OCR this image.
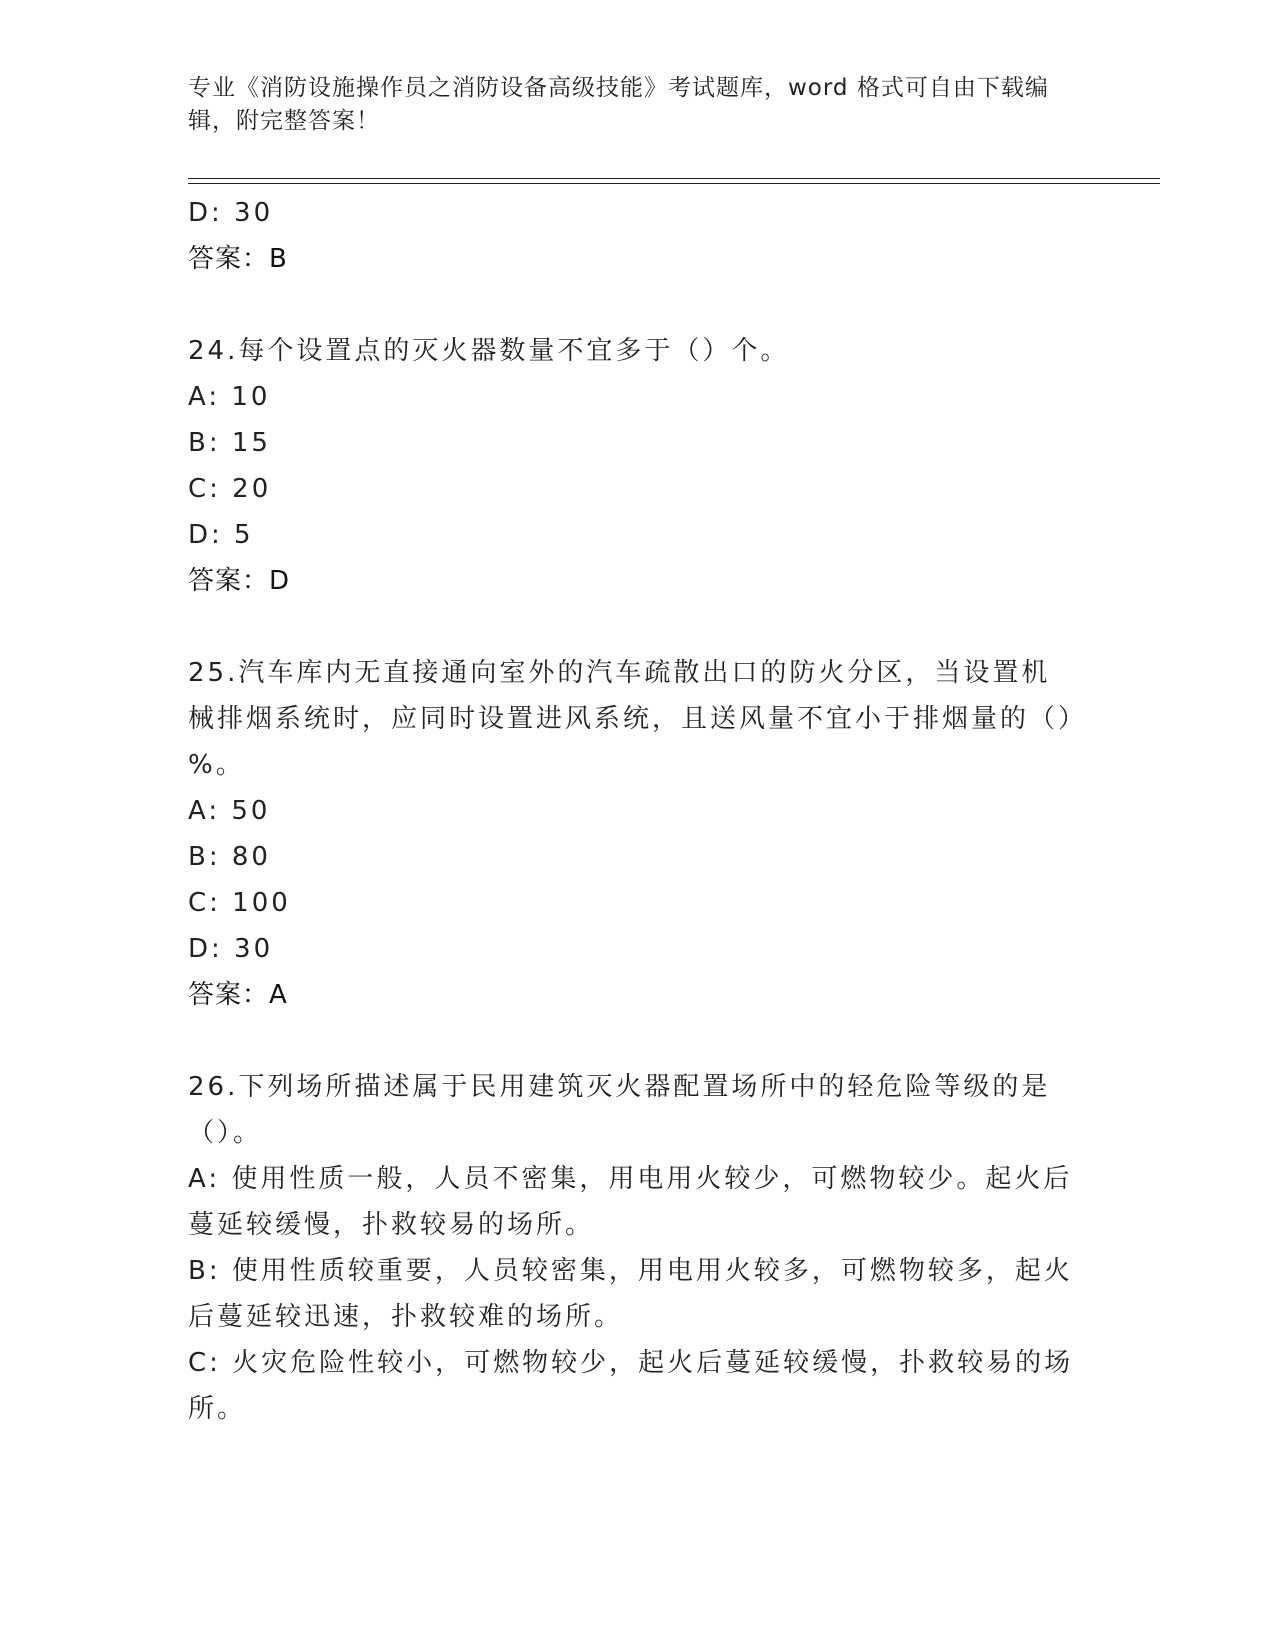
专业《消防设施操作员之消防设备高级技能》考试题库，word 格式可自由下载编辑，附完整答案！
D: 30
答案：B
24.每个设置点的灭火器数量不宜多于（）个。
A: 10
B: 15
C: 20
D: 5
答案：D
25.汽车库内无直接通向室外的汽车疏散出口的防火分区，当设置机械排烟系统时，应同时设置进风系统，且送风量不宜小于排烟量的（）%。
A: 50
B: 80
C: 100
D: 30
答案：A
26.下列场所描述属于民用建筑灭火器配置场所中的轻危险等级的是（）。
A: 使用性质一般，人员不密集，用电用火较少，可燃物较少。起火后蔓延较缓慢，扑救较易的场所。
B: 使用性质较重要，人员较密集，用电用火较多，可燃物较多，起火后蔓延较迅速，扑救较难的场所。
C: 火灾危险性较小，可燃物较少，起火后蔓延较缓慢，扑救较易的场所。
